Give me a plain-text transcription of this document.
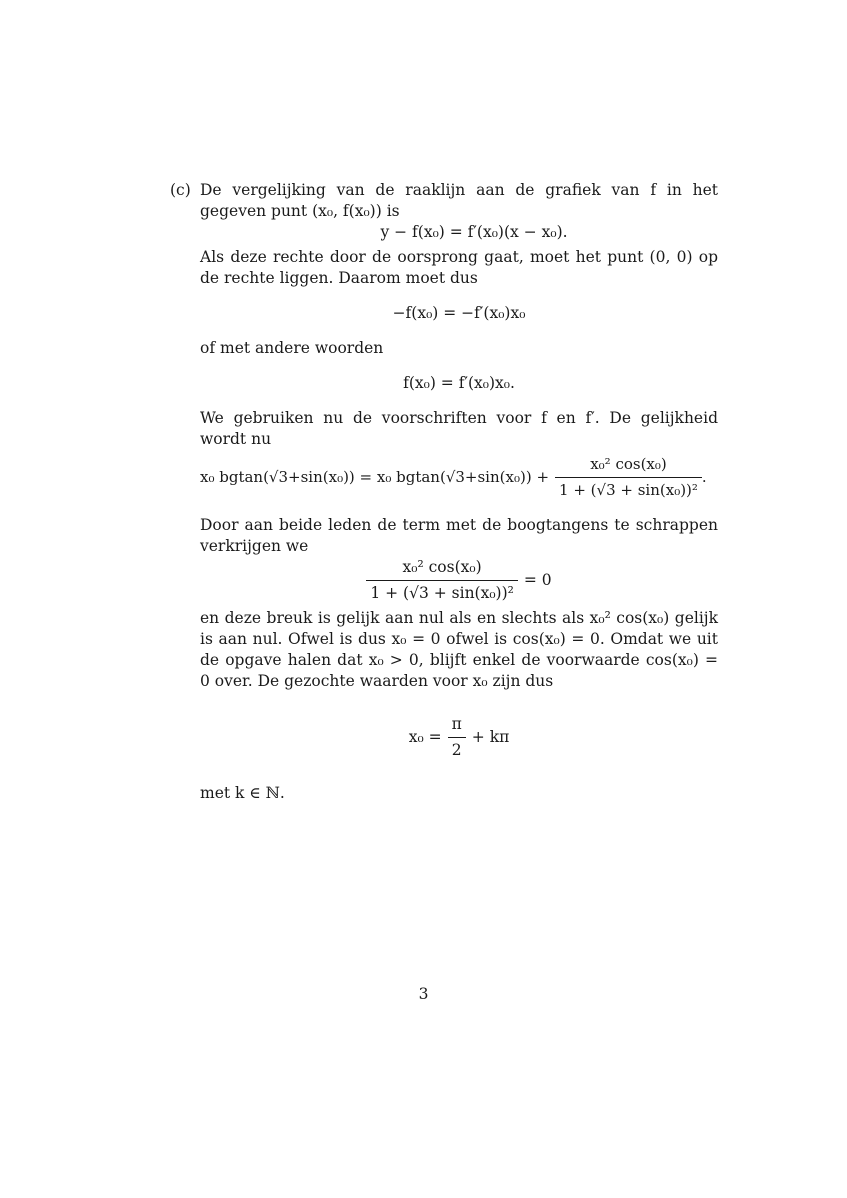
(c) De vergelijking van de raaklijn aan de grafiek van f in het gegeven punt (x₀, f(x₀)) is

y − f(x₀) = f′(x₀)(x − x₀).

Als deze rechte door de oorsprong gaat, moet het punt (0, 0) op de rechte liggen. Daarom moet dus

−f(x₀) = −f′(x₀)x₀

of met andere woorden

f(x₀) = f′(x₀)x₀.

We gebruiken nu de voorschriften voor f en f′. De gelijkheid wordt nu

x₀ bgtan(√3+sin(x₀)) = x₀ $bgtan(√3+\sin(x_0)) + \frac{\text{x₀² cos(x₀)}}{\text{1 + (√3 + sin(x₀))²}}$ .

Door aan beide leden de term met de boogtangens te schrappen verkrijgen we

$\frac{\text{x₀² cos(x₀)}}{\text{1 + (√3 + sin(x₀))²}} = 0$

en deze breuk is gelijk aan nul als en slechts als x₀² cos(x₀) gelijk is aan nul. Ofwel is dus x₀ = 0 ofwel is cos(x₀) = 0. Omdat we uit de opgave halen dat x₀ > 0, blijft enkel de voorwaarde cos(x₀) = 0 over. De gezochte waarden voor x₀ zijn dus

$x_0 = \frac{\pi}{2} + k\pi$

met k ∈ ℕ.

3
